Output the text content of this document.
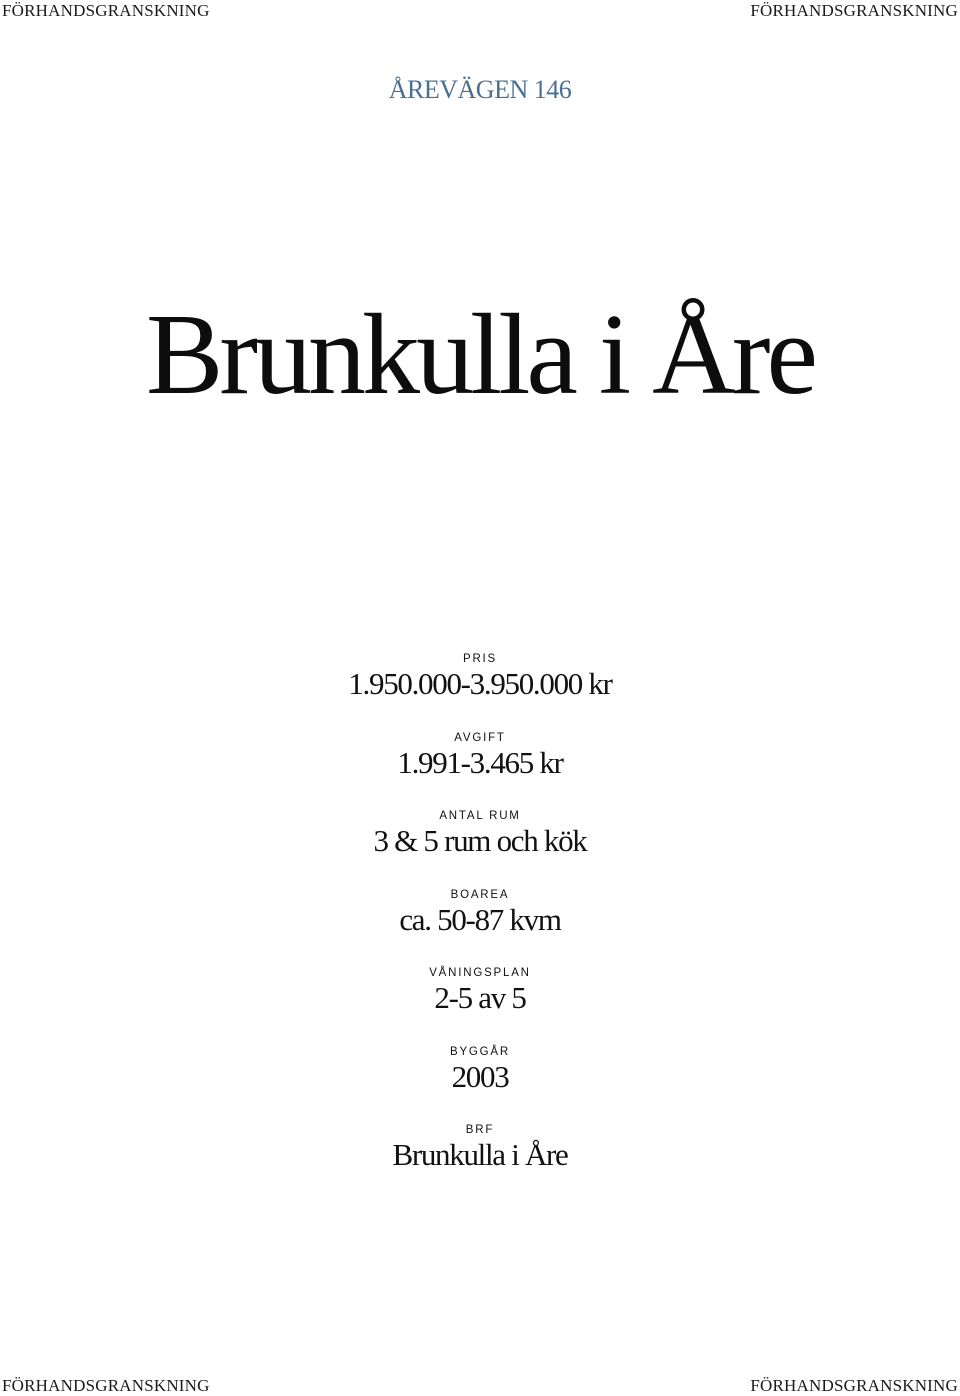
FÖRHANDSGRANSKNING	FÖRHANDSGRANSKNING
ÅREVÄGEN 146
Brunkulla i Åre
PRIS
1.950.000-3.950.000 kr
AVGIFT
1.991-3.465 kr
ANTAL RUM
3 & 5 rum och kök
BOAREA
ca. 50-87 kvm
VÅNINGSPLAN
2-5 av 5
BYGGÅR
2003
BRF
Brunkulla i Åre
FÖRHANDSGRANSKNING	FÖRHANDSGRANSKNING
